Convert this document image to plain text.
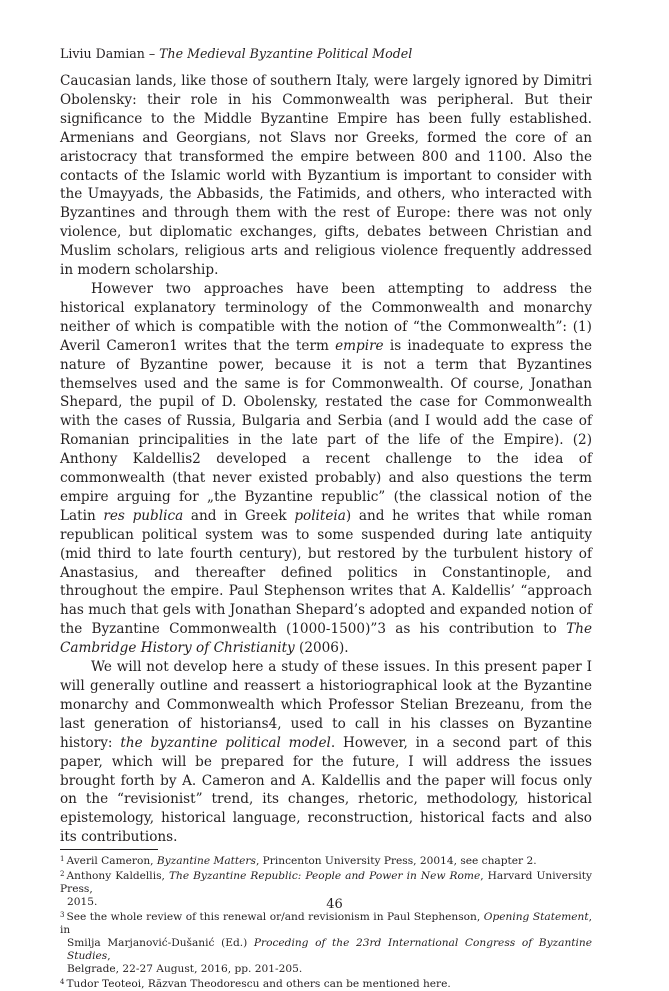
Liviu Damian – The Medieval Byzantine Political Model

Caucasian lands, like those of southern Italy, were largely ignored by Dimitri Obolensky: their role in his Commonwealth was peripheral. But their significance to the Middle Byzantine Empire has been fully established. Armenians and Georgians, not Slavs nor Greeks, formed the core of an aristocracy that transformed the empire between 800 and 1100. Also the contacts of the Islamic world with Byzantium is important to consider with the Umayyads, the Abbasids, the Fatimids, and others, who interacted with Byzantines and through them with the rest of Europe: there was not only violence, but diplomatic exchanges, gifts, debates between Christian and Muslim scholars, religious arts and religious violence frequently addressed in modern scholarship.

However two approaches have been attempting to address the historical explanatory terminology of the Commonwealth and monarchy neither of which is compatible with the notion of “the Commonwealth”: (1) Averil Cameron1 writes that the term empire is inadequate to express the nature of Byzantine power, because it is not a term that Byzantines themselves used and the same is for Commonwealth. Of course, Jonathan Shepard, the pupil of D. Obolensky, restated the case for Commonwealth with the cases of Russia, Bulgaria and Serbia (and I would add the case of Romanian principalities in the late part of the life of the Empire). (2) Anthony Kaldellis2 developed a recent challenge to the idea of commonwealth (that never existed probably) and also questions the term empire arguing for „the Byzantine republic” (the classical notion of the Latin res publica and in Greek politeia) and he writes that while roman republican political system was to some suspended during late antiquity (mid third to late fourth century), but restored by the turbulent history of Anastasius, and thereafter defined politics in Constantinople, and throughout the empire. Paul Stephenson writes that A. Kaldellis’ “approach has much that gels with Jonathan Shepard’s adopted and expanded notion of the Byzantine Commonwealth (1000-1500)”3 as his contribution to The Cambridge History of Christianity (2006).

We will not develop here a study of these issues. In this present paper I will generally outline and reassert a historiographical look at the Byzantine monarchy and Commonwealth which Professor Stelian Brezeanu, from the last generation of historians4, used to call in his classes on Byzantine history: the byzantine political model. However, in a second part of this paper, which will be prepared for the future, I will address the issues brought forth by A. Cameron and A. Kaldellis and the paper will focus only on the “revisionist” trend, its changes, rhetoric, methodology, historical epistemology, historical language, reconstruction, historical facts and also its contributions.

$^1$ Averil Cameron, Byzantine Matters, Princenton University Press, 20014, see chapter 2.

$^2$ Anthony Kaldellis, The Byzantine Republic: People and Power in New Rome, Harvard University Press,
2015.

$^3$ See the whole review of this renewal or/and revisionism in Paul Stephenson, Opening Statement, in
Smilja Marjanović-Dušanić (Ed.) Proceding of the 23rd International Congress of Byzantine Studies,
Belgrade, 22-27 August, 2016, pp. 201-205.

$^4$ Tudor Teoteoi, Răzvan Theodorescu and others can be mentioned here.

46
